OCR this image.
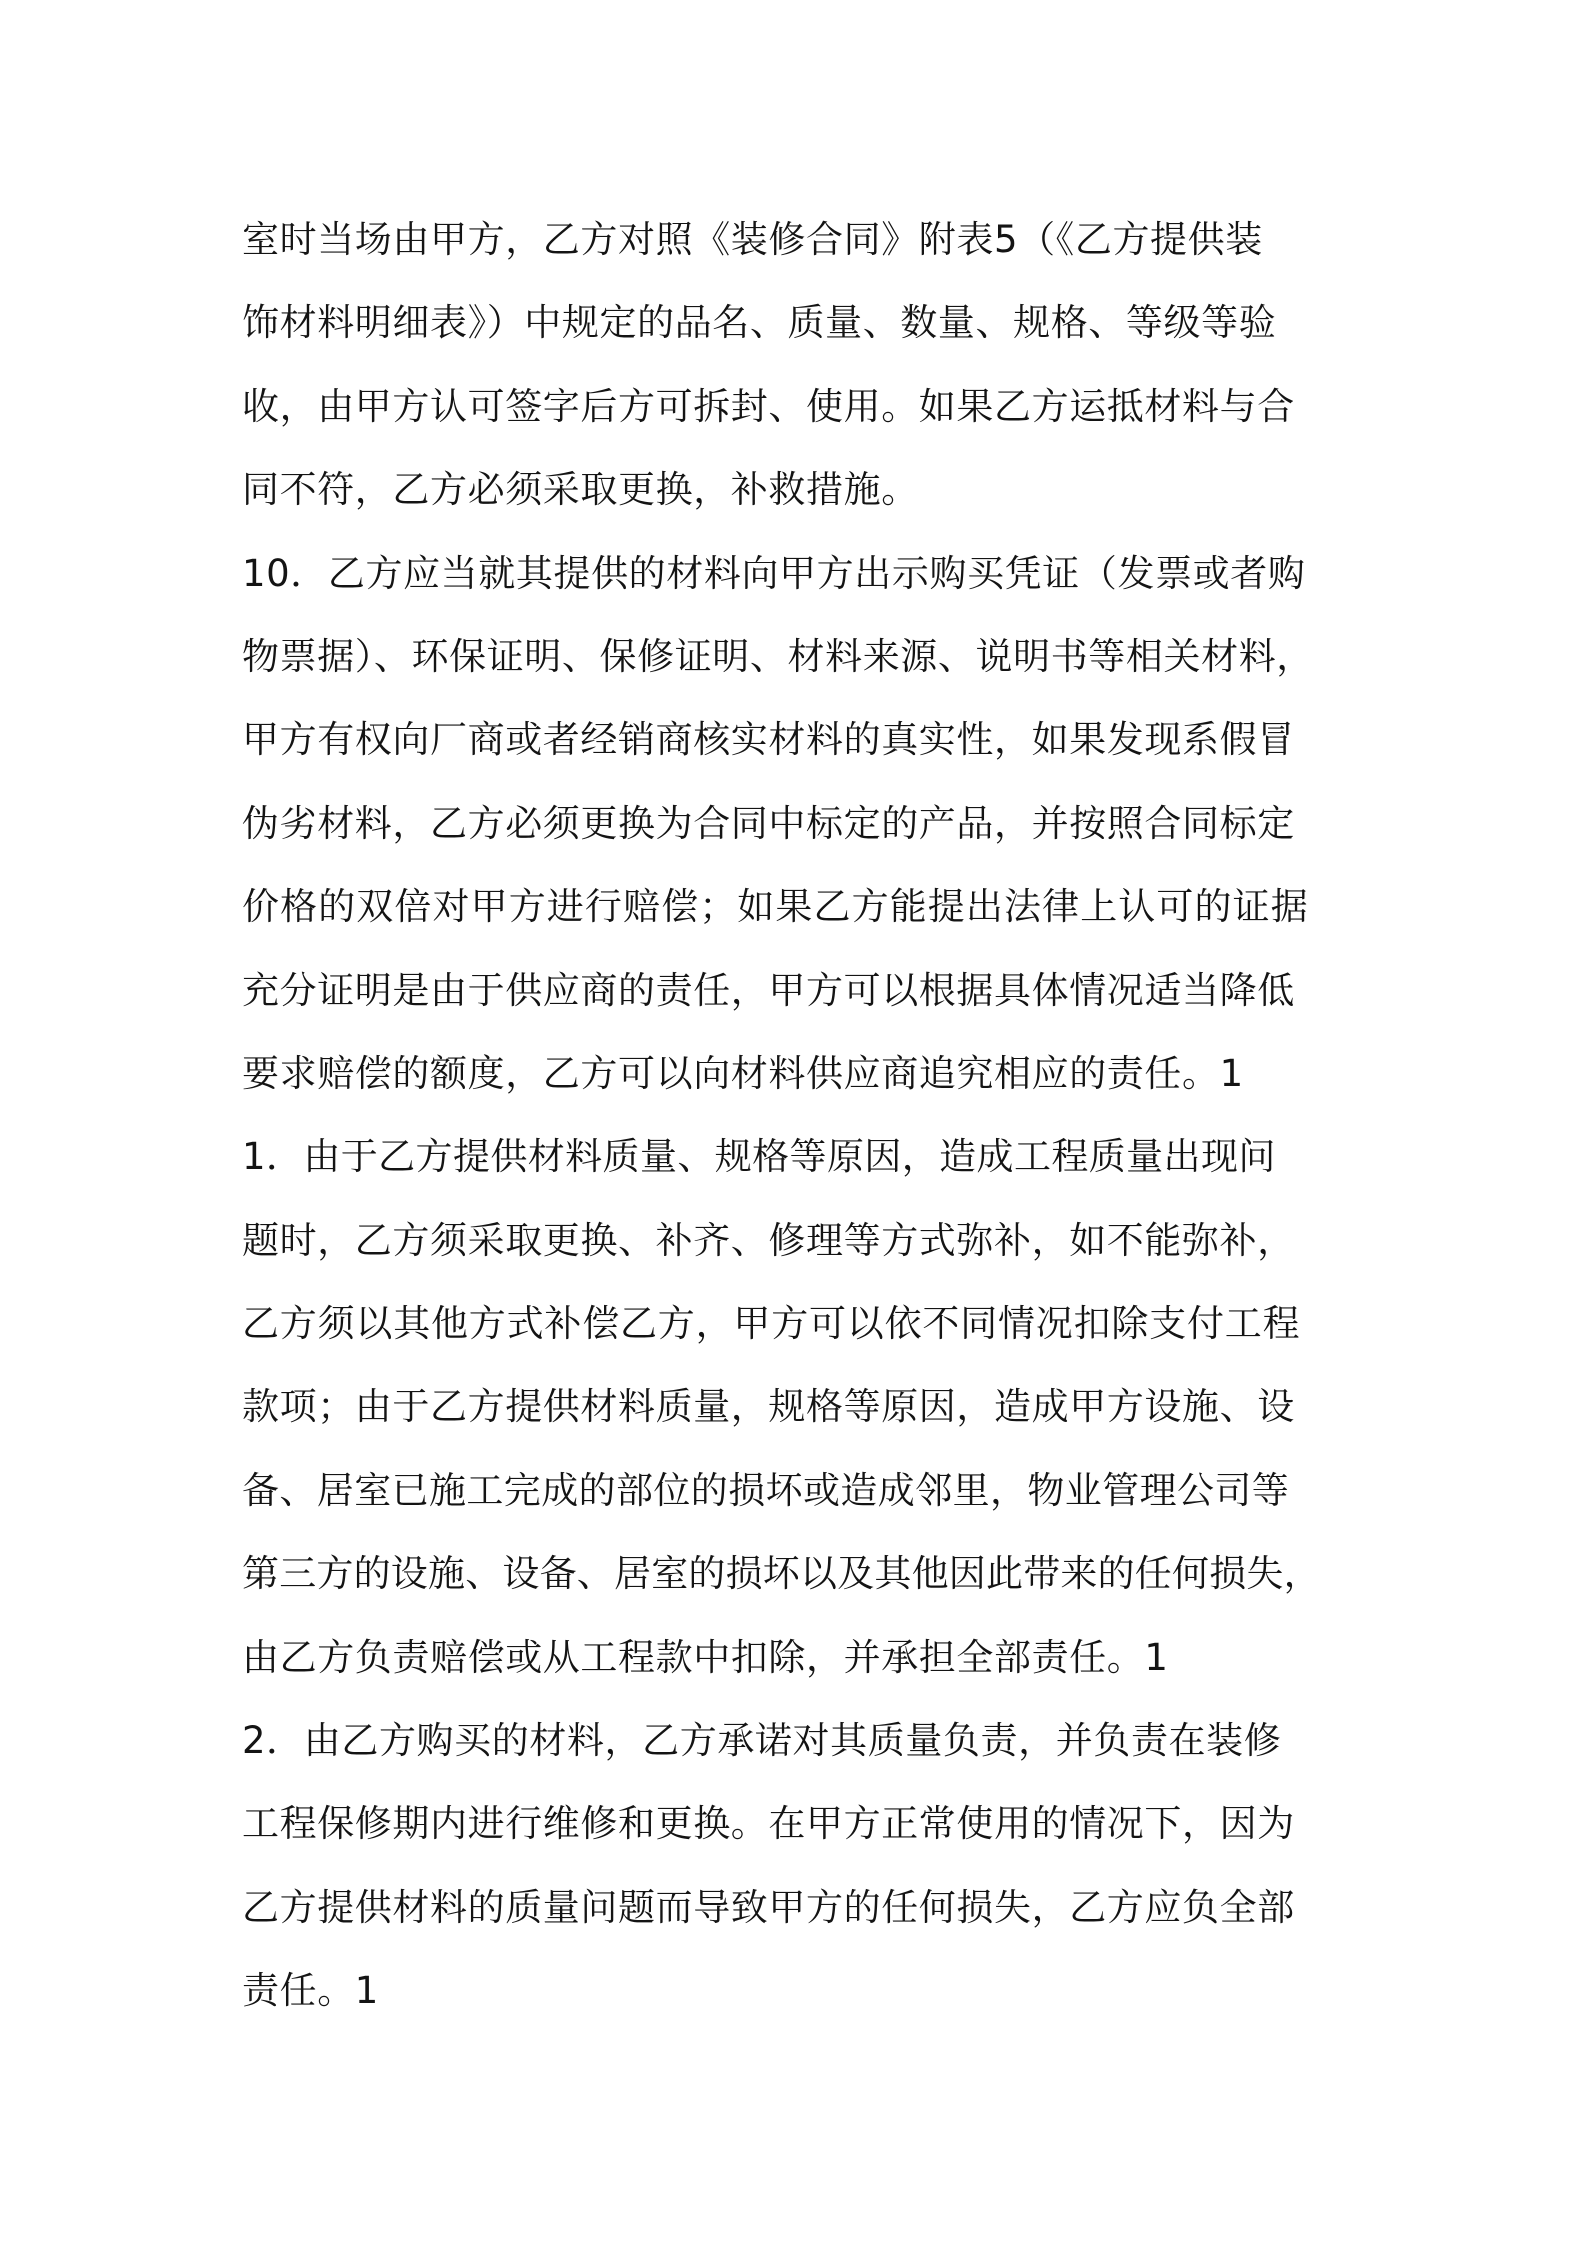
室时当场由甲方，乙方对照《装修合同》附表5（《乙方提供装
饰材料明细表》）中规定的品名、质量、数量、规格、等级等验
收，由甲方认可签字后方可拆封、使用。如果乙方运抵材料与合
同不符，乙方必须采取更换，补救措施。
10．乙方应当就其提供的材料向甲方出示购买凭证（发票或者购
物票据）、环保证明、保修证明、材料来源、说明书等相关材料，
甲方有权向厂商或者经销商核实材料的真实性，如果发现系假冒
伪劣材料，乙方必须更换为合同中标定的产品，并按照合同标定
价格的双倍对甲方进行赔偿；如果乙方能提出法律上认可的证据
充分证明是由于供应商的责任，甲方可以根据具体情况适当降低
要求赔偿的额度，乙方可以向材料供应商追究相应的责任。1
1．由于乙方提供材料质量、规格等原因，造成工程质量出现问
题时，乙方须采取更换、补齐、修理等方式弥补，如不能弥补，
乙方须以其他方式补偿乙方，甲方可以依不同情况扣除支付工程
款项；由于乙方提供材料质量，规格等原因，造成甲方设施、设
备、居室已施工完成的部位的损坏或造成邻里，物业管理公司等
第三方的设施、设备、居室的损坏以及其他因此带来的任何损失，
由乙方负责赔偿或从工程款中扣除，并承担全部责任。1
2．由乙方购买的材料，乙方承诺对其质量负责，并负责在装修
工程保修期内进行维修和更换。在甲方正常使用的情况下，因为
乙方提供材料的质量问题而导致甲方的任何损失，乙方应负全部
责任。1
